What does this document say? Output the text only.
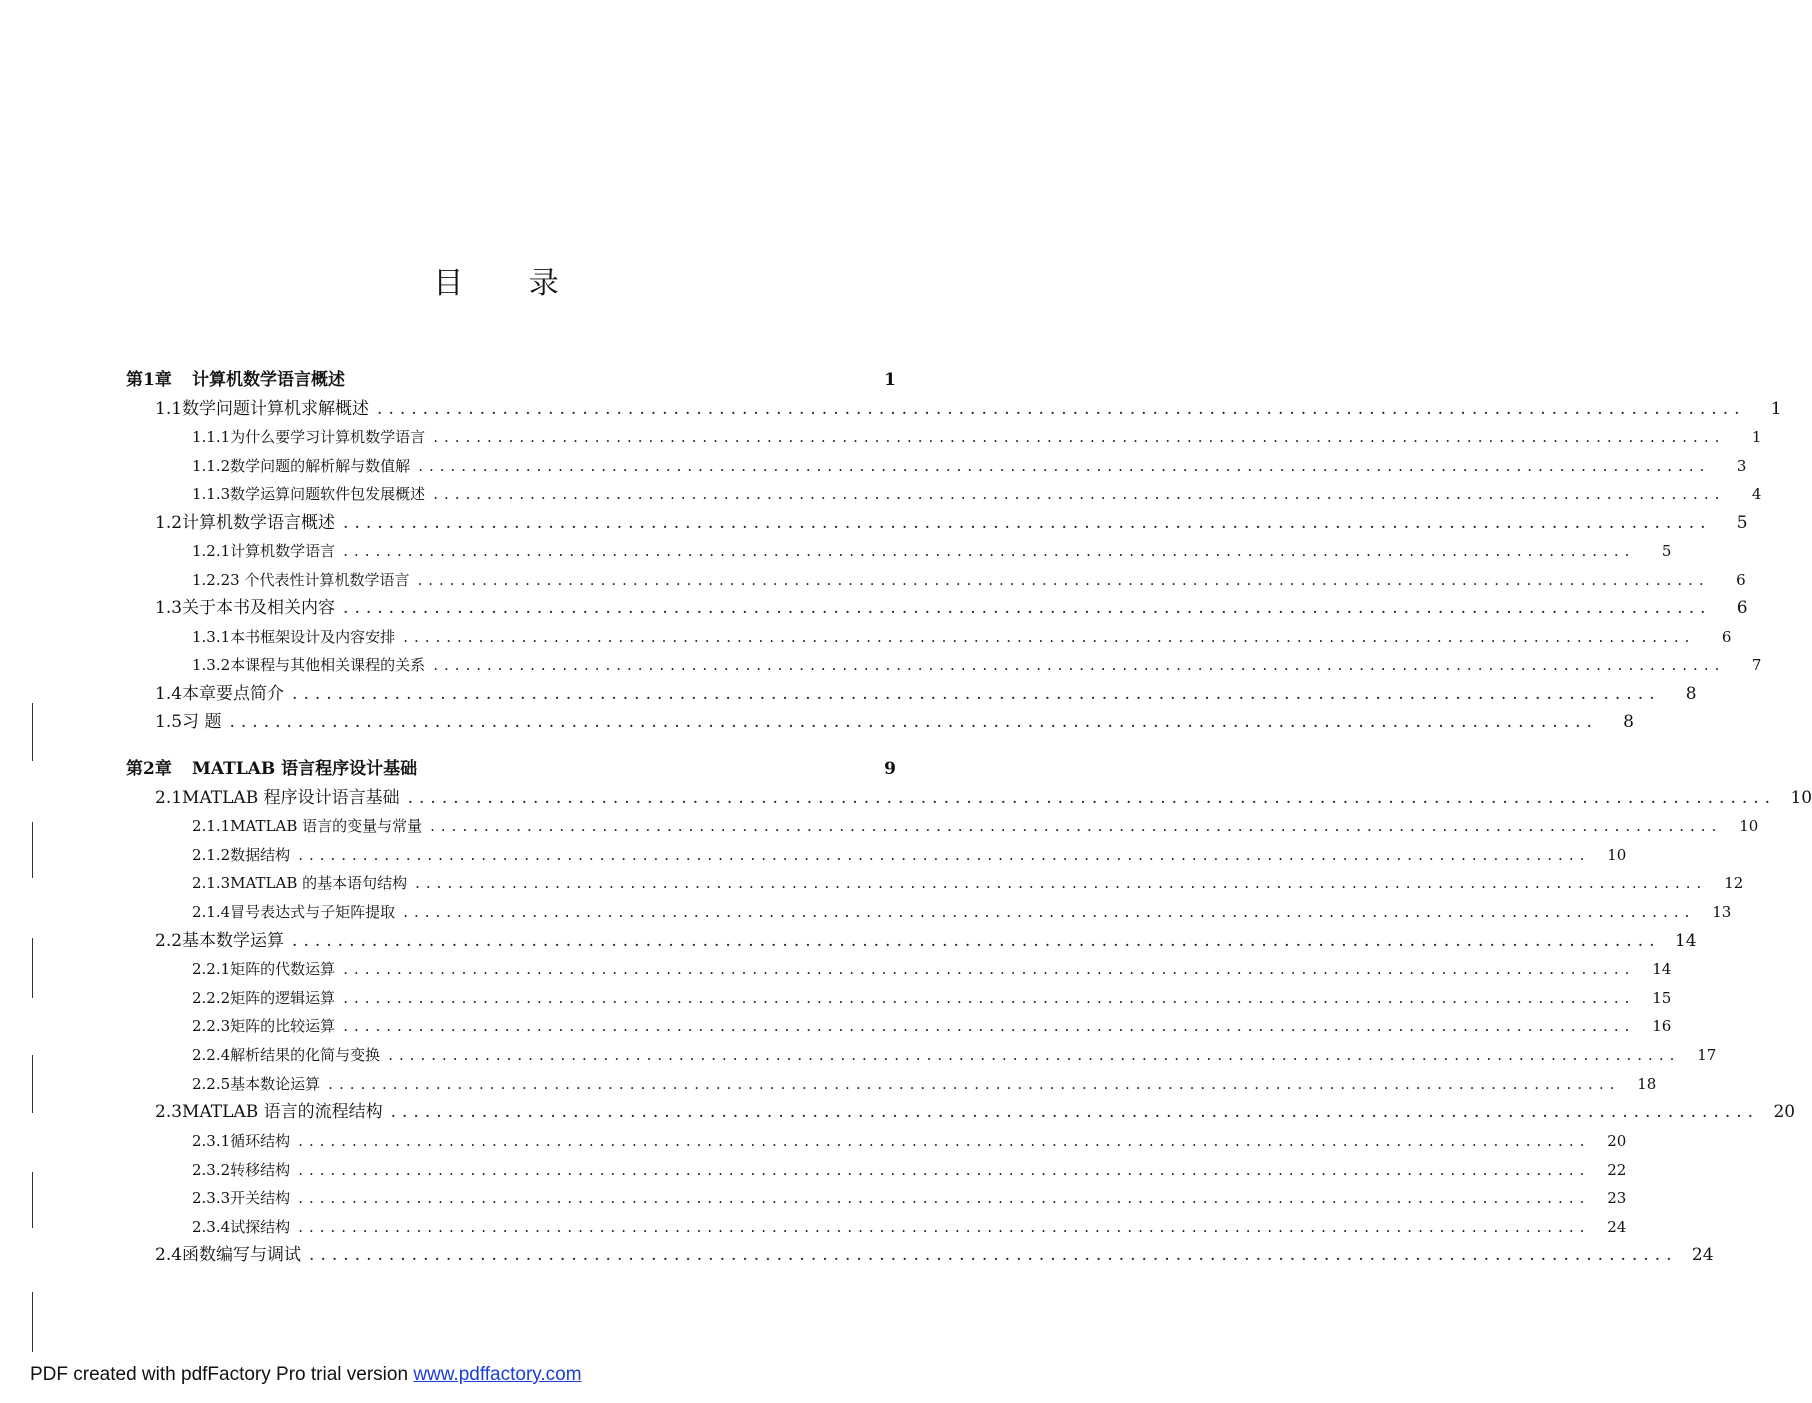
目 录
第1章	计算机数学语言概述	1
1.1 数学问题计算机求解概述 ........................................................................................................................	1
1.1.1 为什么要学习计算机数学语言 ........................................................................................................................	1
1.1.2 数学问题的解析解与数值解 ........................................................................................................................	3
1.1.3 数学运算问题软件包发展概述 ........................................................................................................................	4
1.2 计算机数学语言概述 ........................................................................................................................	5
1.2.1 计算机数学语言 ........................................................................................................................	5
1.2.2 3 个代表性计算机数学语言 ........................................................................................................................	6
1.3 关于本书及相关内容 ........................................................................................................................	6
1.3.1 本书框架设计及内容安排 ........................................................................................................................	6
1.3.2 本课程与其他相关课程的关系 ........................................................................................................................	7
1.4 本章要点简介 ........................................................................................................................	8
1.5 习 题 ........................................................................................................................	8
第2章	MATLAB 语言程序设计基础	9
2.1 MATLAB 程序设计语言基础 ........................................................................................................................ 10
2.1.1 MATLAB 语言的变量与常量 ........................................................................................................................	10
2.1.2 数据结构 ........................................................................................................................	10
2.1.3 MATLAB 的基本语句结构 ........................................................................................................................	12
2.1.4 冒号表达式与子矩阵提取 ........................................................................................................................	13
2.2 基本数学运算 ........................................................................................................................ 14
2.2.1 矩阵的代数运算 ........................................................................................................................	14
2.2.2 矩阵的逻辑运算 ........................................................................................................................	15
2.2.3 矩阵的比较运算 ........................................................................................................................	16
2.2.4 解析结果的化简与变换 ........................................................................................................................	17
2.2.5 基本数论运算 ........................................................................................................................	18
2.3 MATLAB 语言的流程结构 ........................................................................................................................ 20
2.3.1 循环结构 ........................................................................................................................	20
2.3.2 转移结构 ........................................................................................................................	22
2.3.3 开关结构 ........................................................................................................................	23
2.3.4 试探结构 ........................................................................................................................	24
2.4 函数编写与调试 ........................................................................................................................ 24
PDF created with pdfFactory Pro trial version www.pdffactory.com
